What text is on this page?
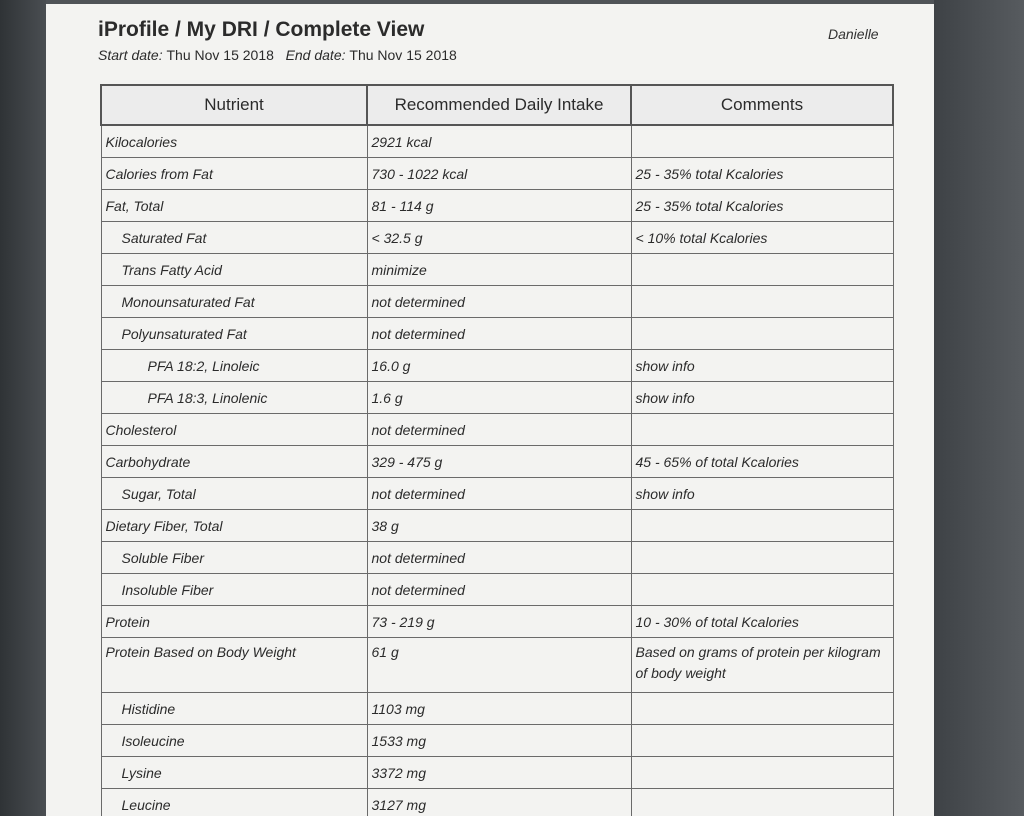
iProfile / My DRI / Complete View
Start date: Thu Nov 15 2018 End date: Thu Nov 15 2018
Danielle
Nutrient	Recommended Daily Intake	Comments
Kilocalories	2921 kcal	
Calories from Fat	730 - 1022 kcal	25 - 35% total Kcalories
Fat, Total	81 - 114 g	25 - 35% total Kcalories
Saturated Fat	< 32.5 g	< 10% total Kcalories
Trans Fatty Acid	minimize	
Monounsaturated Fat	not determined	
Polyunsaturated Fat	not determined	
PFA 18:2, Linoleic	16.0 g	show info
PFA 18:3, Linolenic	1.6 g	show info
Cholesterol	not determined	
Carbohydrate	329 - 475 g	45 - 65% of total Kcalories
Sugar, Total	not determined	show info
Dietary Fiber, Total	38 g	
Soluble Fiber	not determined	
Insoluble Fiber	not determined	
Protein	73 - 219 g	10 - 30% of total Kcalories
Protein Based on Body Weight	61 g	Based on grams of protein per kilogram of body weight
Histidine	1103 mg	
Isoleucine	1533 mg	
Lysine	3372 mg	
Leucine	3127 mg	
